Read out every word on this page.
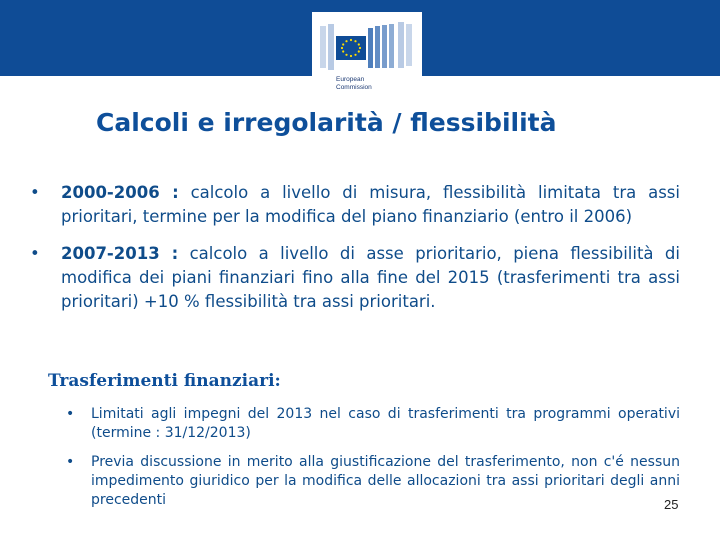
European
Commission
Calcoli e irregolarità / flessibilità
• 2000-2006 : calcolo a livello di misura, flessibilità limitata tra assi prioritari, termine per la modifica del piano finanziario (entro il 2006)
• 2007-2013 : calcolo a livello di asse prioritario, piena flessibilità di modifica dei piani finanziari fino alla fine del 2015 (trasferimenti tra assi prioritari) +10 % flessibilità tra assi prioritari.
Trasferimenti finanziari:
• Limitati agli impegni del 2013 nel caso di trasferimenti tra programmi operativi (termine : 31/12/2013)
• Previa discussione in merito alla giustificazione del trasferimento, non c'é nessun impedimento giuridico per la modifica delle allocazioni tra assi prioritari degli anni precedenti	25
